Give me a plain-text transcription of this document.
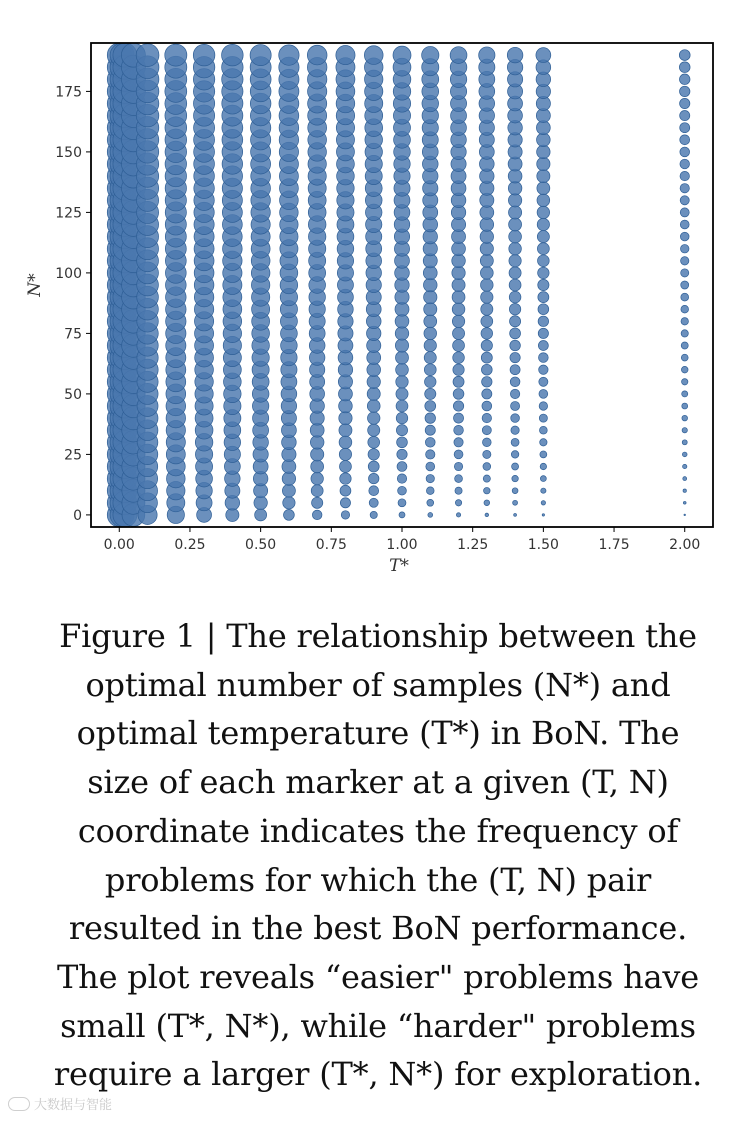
0.00	0.25	0.50	0.75	1.00	1.25	1.50	1.75	2.00
0
25
50
75
100
125
150
175
T*
N*
Figure 1 | The relationship between the
optimal number of samples (N*) and
optimal temperature (T*) in BoN. The
size of each marker at a given (T, N)
coordinate indicates the frequency of
problems for which the (T, N) pair
resulted in the best BoN performance.
The plot reveals “easier" problems have
small (T*, N*), while “harder" problems
require a larger (T*, N*) for exploration.
大数据与智能
